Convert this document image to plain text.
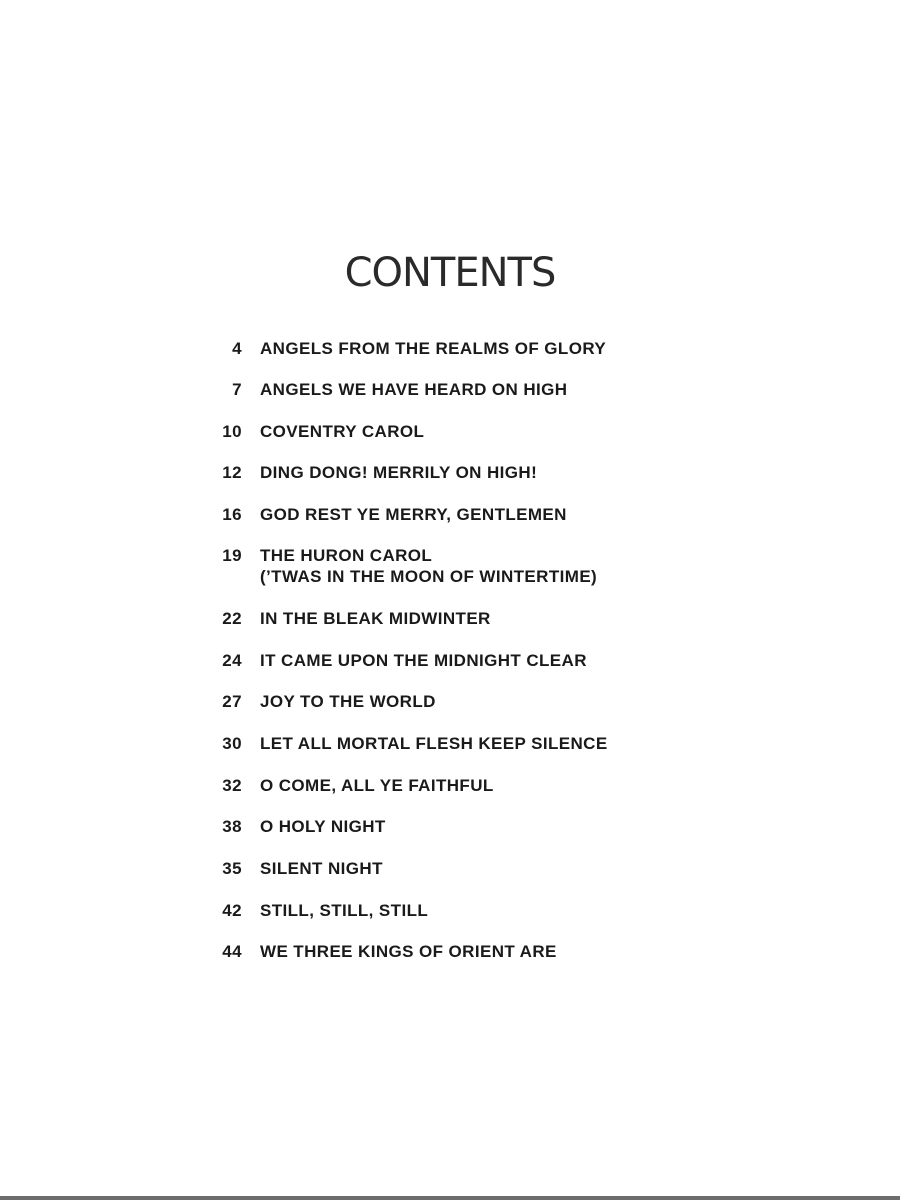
CONTENTS
4 ANGELS FROM THE REALMS OF GLORY
7 ANGELS WE HAVE HEARD ON HIGH
10 COVENTRY CAROL
12 DING DONG! MERRILY ON HIGH!
16 GOD REST YE MERRY, GENTLEMEN
19 THE HURON CAROL
(’TWAS IN THE MOON OF WINTERTIME)
22 IN THE BLEAK MIDWINTER
24 IT CAME UPON THE MIDNIGHT CLEAR
27 JOY TO THE WORLD
30 LET ALL MORTAL FLESH KEEP SILENCE
32 O COME, ALL YE FAITHFUL
38 O HOLY NIGHT
35 SILENT NIGHT
42 STILL, STILL, STILL
44 WE THREE KINGS OF ORIENT ARE
